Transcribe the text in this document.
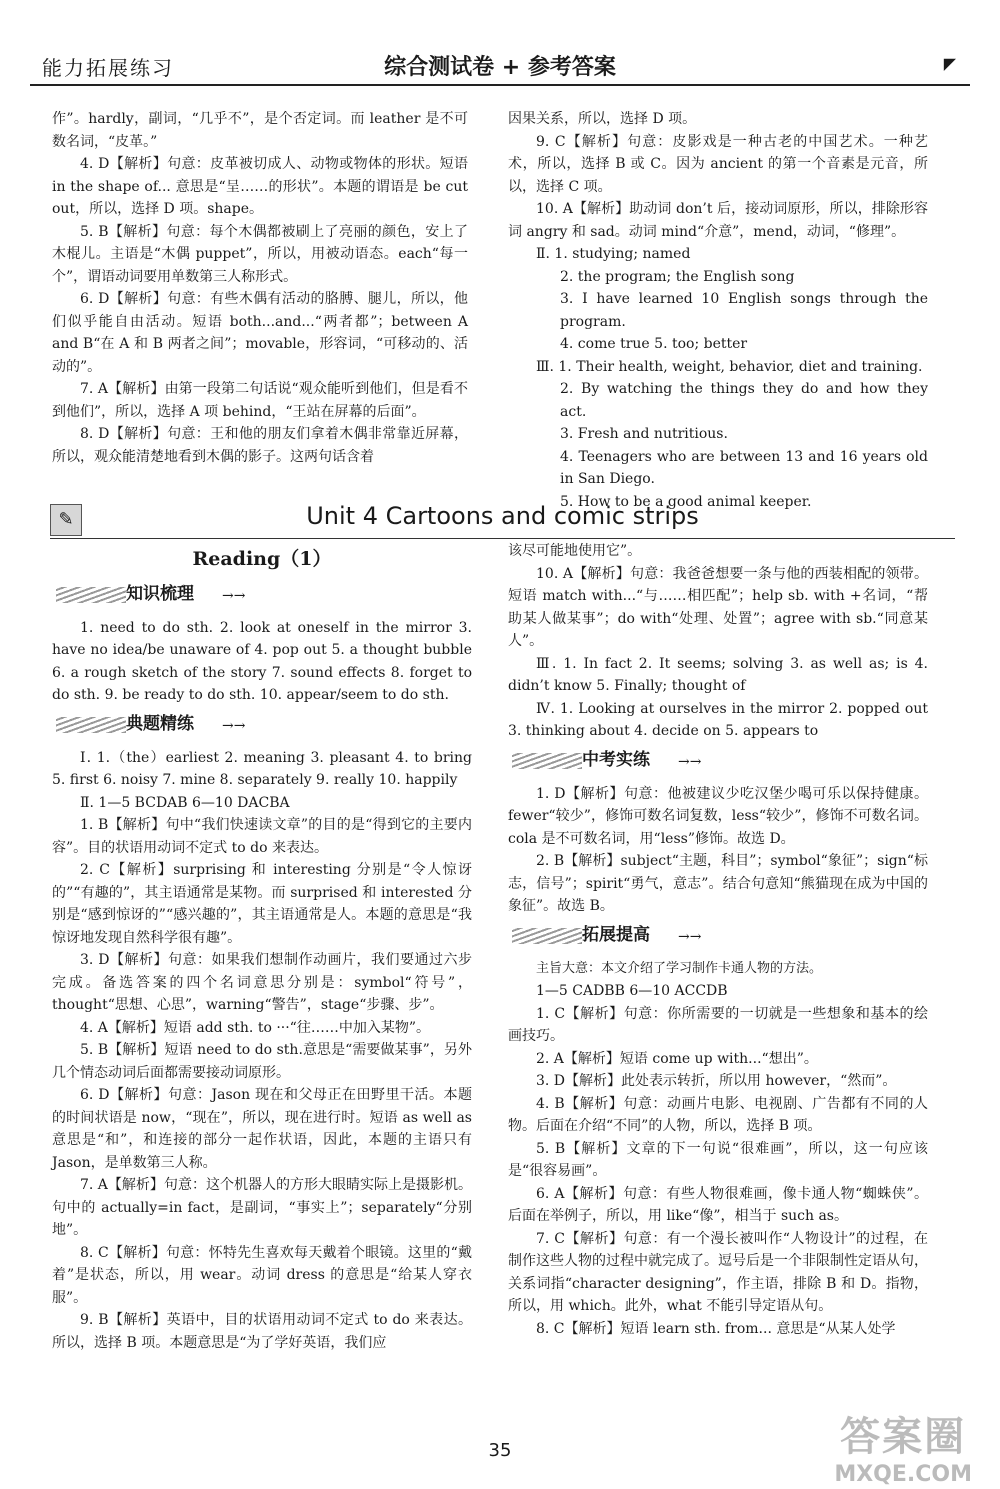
能力拓展练习	综合测试卷 + 参考答案	◤

作”。hardly，副词，“几乎不”，是个否定词。而 leather 是不可数名词，“皮革。”

4. D【解析】句意：皮革被切成人、动物或物体的形状。短语 in the shape of... 意思是“呈……的形状”。本题的谓语是 be cut out，所以，选择 D 项。shape。

5. B【解析】句意：每个木偶都被刷上了亮丽的颜色，安上了木棍儿。主语是“木偶 puppet”，所以，用被动语态。each“每一个”，谓语动词要用单数第三人称形式。

6. D【解析】句意：有些木偶有活动的胳膊、腿儿，所以，他们似乎能自由活动。短语 both...and...“两者都”；between A and B“在 A 和 B 两者之间”；movable，形容词，“可移动的、活动的”。

7. A【解析】由第一段第二句话说“观众能听到他们，但是看不到他们”，所以，选择 A 项 behind，“王站在屏幕的后面”。

8. D【解析】句意：王和他的朋友们拿着木偶非常靠近屏幕，所以，观众能清楚地看到木偶的影子。这两句话含着

因果关系，所以，选择 D 项。

9. C【解析】句意：皮影戏是一种古老的中国艺术。一种艺术，所以，选择 B 或 C。因为 ancient 的第一个音素是元音，所以，选择 C 项。

10. A【解析】助动词 don’t 后，接动词原形，所以，排除形容词 angry 和 sad。动词 mind“介意”，mend，动词，“修理”。

Ⅱ. 1. studying; named

2. the program; the English song

3. I have learned 10 English songs through the program.

4. come true 5. too; better

Ⅲ. 1. Their health, weight, behavior, diet and training.

2. By watching the things they do and how they act.

3. Fresh and nutritious.

4. Teenagers who are between 13 and 16 years old in San Diego.

5. How to be a good animal keeper.

✎	Unit 4 Cartoons and comic strips
Reading（1）
知识梳理 →→

1. need to do sth. 2. look at oneself in the mirror 3. have no idea/be unaware of 4. pop out 5. a thought bubble 6. a rough sketch of the story 7. sound effects 8. forget to do sth. 9. be ready to do sth. 10. appear/seem to do sth.

典题精练 →→

Ⅰ. 1.（the）earliest 2. meaning 3. pleasant 4. to bring 5. first 6. noisy 7. mine 8. separately 9. really 10. happily

Ⅱ. 1—5 BCDAB 6—10 DACBA

1. B【解析】句中“我们快速读文章”的目的是“得到它的主要内容”。目的状语用动词不定式 to do 来表达。

2. C【解析】surprising 和 interesting 分别是“令人惊讶的”“有趣的”，其主语通常是某物。而 surprised 和 interested 分别是“感到惊讶的”“感兴趣的”，其主语通常是人。本题的意思是“我惊讶地发现自然科学很有趣”。

3. D【解析】句意：如果我们想制作动画片，我们要通过六步完成。备选答案的四个名词意思分别是：symbol“符号”，thought“思想、心思”，warning“警告”，stage“步骤、步”。

4. A【解析】短语 add sth. to ···“往……中加入某物”。

5. B【解析】短语 need to do sth.意思是“需要做某事”，另外几个情态动词后面都需要接动词原形。

6. D【解析】句意：Jason 现在和父母正在田野里干活。本题的时间状语是 now，“现在”，所以，现在进行时。短语 as well as 意思是“和”，和连接的部分一起作状语，因此，本题的主语只有 Jason，是单数第三人称。

7. A【解析】句意：这个机器人的方形大眼睛实际上是摄影机。句中的 actually=in fact，是副词，“事实上”；separately“分别地”。

8. C【解析】句意：怀特先生喜欢每天戴着个眼镜。这里的“戴着”是状态，所以，用 wear。动词 dress 的意思是“给某人穿衣服”。

9. B【解析】英语中，目的状语用动词不定式 to do 来表达。所以，选择 B 项。本题意思是“为了学好英语，我们应

该尽可能地使用它”。

10. A【解析】句意：我爸爸想要一条与他的西装相配的领带。短语 match with...“与……相匹配”；help sb. with +名词，“帮助某人做某事”；do with“处理、处置”；agree with sb.“同意某人”。

Ⅲ. 1. In fact 2. It seems; solving 3. as well as; is 4. didn’t know 5. Finally; thought of

Ⅳ. 1. Looking at ourselves in the mirror 2. popped out 3. thinking about 4. decide on 5. appears to

中考实练 →→

1. D【解析】句意：他被建议少吃汉堡少喝可乐以保持健康。fewer“较少”，修饰可数名词复数，less“较少”，修饰不可数名词。cola 是不可数名词，用“less”修饰。故选 D。

2. B【解析】subject“主题，科目”；symbol“象征”；sign“标志，信号”；spirit“勇气，意志”。结合句意知“熊猫现在成为中国的象征”。故选 B。

拓展提高 →→

主旨大意：本文介绍了学习制作卡通人物的方法。

1—5 CADBB 6—10 ACCDB

1. C【解析】句意：你所需要的一切就是一些想象和基本的绘画技巧。

2. A【解析】短语 come up with...“想出”。

3. D【解析】此处表示转折，所以用 however，“然而”。

4. B【解析】句意：动画片电影、电视剧、广告都有不同的人物。后面在介绍“不同”的人物，所以，选择 B 项。

5. B【解析】文章的下一句说“很难画”，所以，这一句应该是“很容易画”。

6. A【解析】句意：有些人物很难画，像卡通人物“蜘蛛侠”。后面在举例子，所以，用 like“像”，相当于 such as。

7. C【解析】句意：有一个漫长被叫作“人物设计”的过程，在制作这些人物的过程中就完成了。逗号后是一个非限制性定语从句，关系词指“character designing”，作主语，排除 B 和 D。指物，所以，用 which。此外，what 不能引导定语从句。

8. C【解析】短语 learn sth. from... 意思是“从某人处学

35	答案圈
MXQE.COM
